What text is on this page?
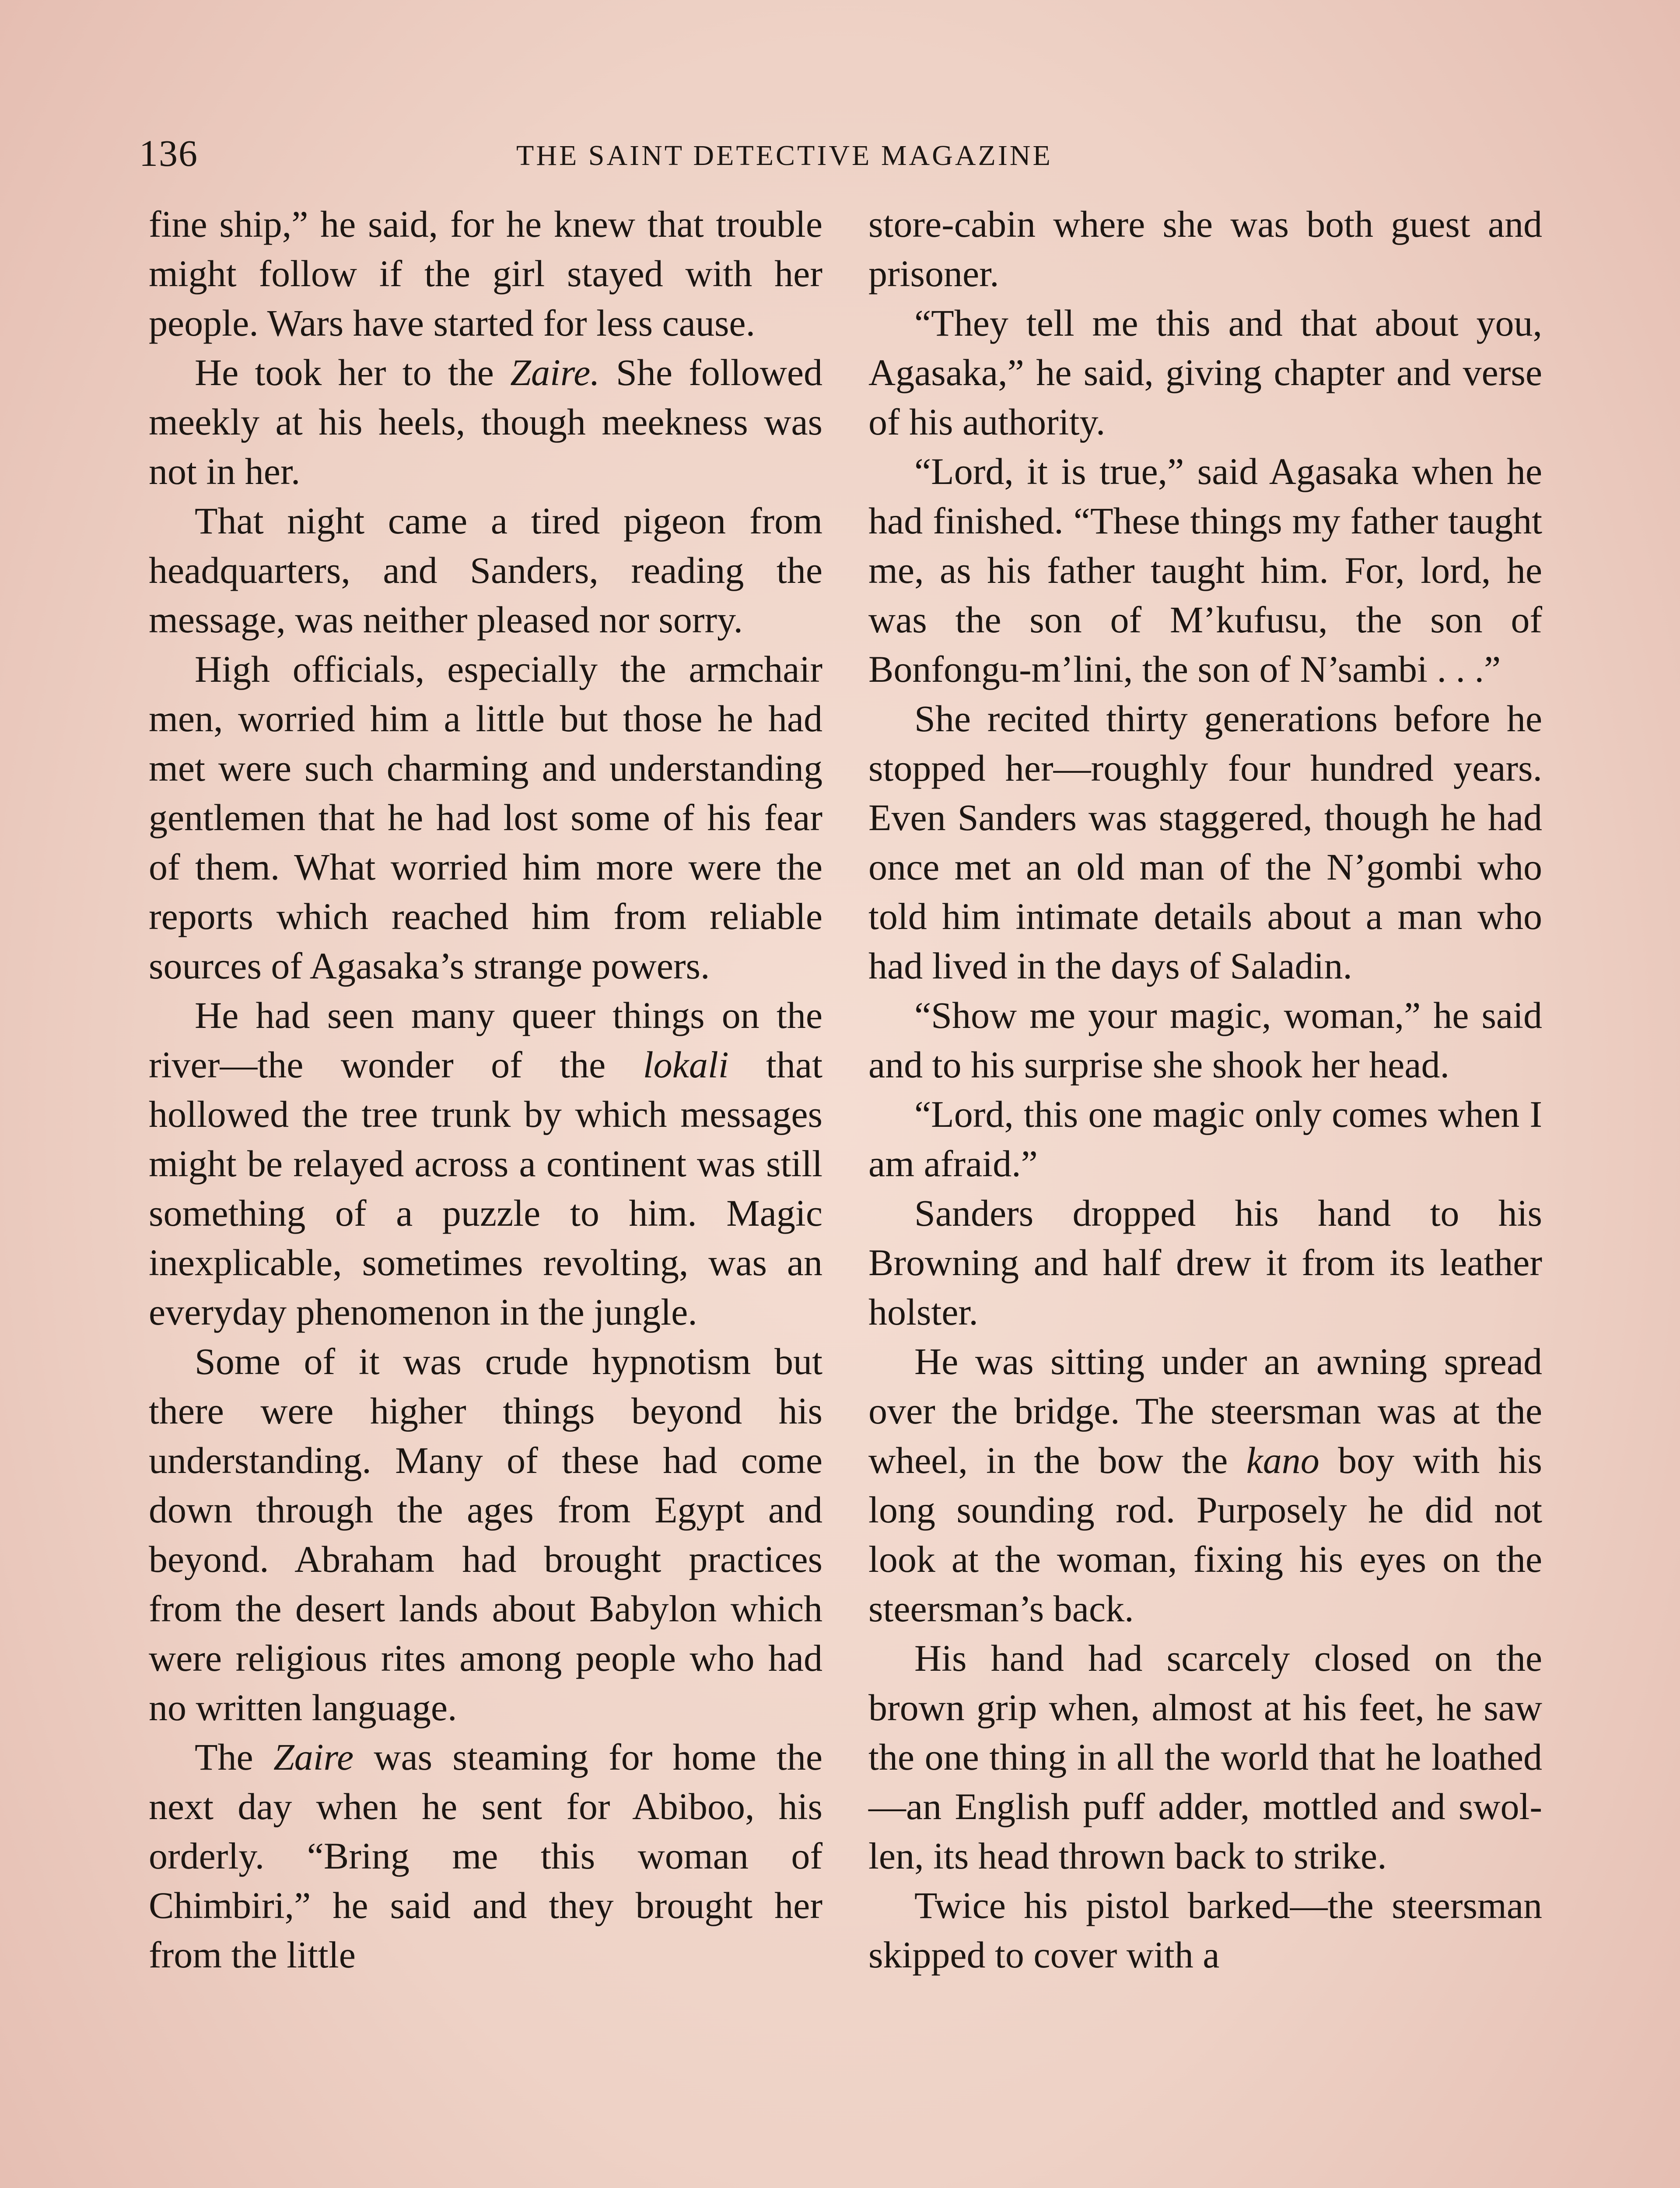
136	THE SAINT DETECTIVE MAGAZINE

fine ship,” he said, for he knew that trouble might follow if the girl stayed with her people. Wars have started for less cause.

He took her to the Zaire. She followed meekly at his heels, though meekness was not in her.

That night came a tired pigeon from headquarters, and Sanders, reading the message, was neither pleased nor sorry.

High officials, especially the armchair men, worried him a little but those he had met were such charming and understanding gentlemen that he had lost some of his fear of them. What worried him more were the reports which reached him from reliable sources of Agasaka’s strange powers.

He had seen many queer things on the river—the wonder of the lokali that hollowed the tree trunk by which messages might be relayed across a continent was still something of a puzzle to him. Magic inexplicable, sometimes revolting, was an everyday phenomenon in the jungle.

Some of it was crude hypnotism but there were higher things beyond his understanding. Many of these had come down through the ages from Egypt and beyond. Abraham had brought practices from the desert lands about Babylon which were religious rites among people who had no written language.

The Zaire was steaming for home the next day when he sent for Abiboo, his orderly. “Bring me this woman of Chimbiri,” he said and they brought her from the little

store-cabin where she was both guest and prisoner.

“They tell me this and that about you, Agasaka,” he said, giving chapter and verse of his authority.

“Lord, it is true,” said Agasaka when he had finished. “These things my father taught me, as his father taught him. For, lord, he was the son of M’kufusu, the son of Bonfongu-m’lini, the son of N’sambi . . .”

She recited thirty generations before he stopped her—roughly four hundred years. Even Sanders was staggered, though he had once met an old man of the N’gombi who told him intimate details about a man who had lived in the days of Saladin.

“Show me your magic, woman,” he said and to his surprise she shook her head.

“Lord, this one magic only comes when I am afraid.”

Sanders dropped his hand to his Browning and half drew it from its leather holster.

He was sitting under an awning spread over the bridge. The steersman was at the wheel, in the bow the kano boy with his long sounding rod. Purposely he did not look at the woman, fixing his eyes on the steersman’s back.

His hand had scarcely closed on the brown grip when, almost at his feet, he saw the one thing in all the world that he loathed—an English puff adder, mottled and swollen, its head thrown back to strike.

Twice his pistol barked—the steersman skipped to cover with a
